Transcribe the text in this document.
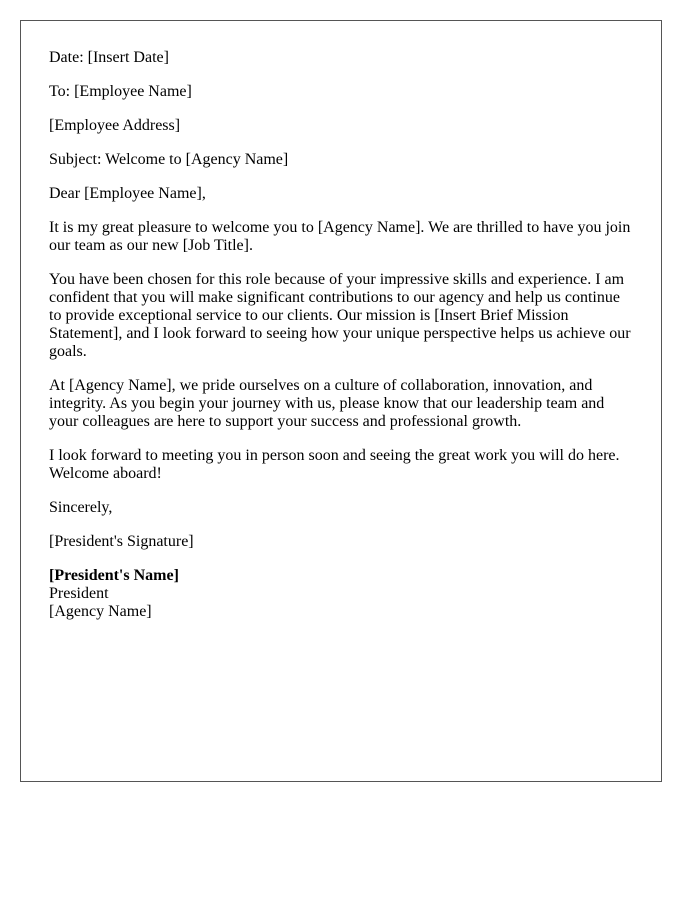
Date: [Insert Date]

To: [Employee Name]

[Employee Address]

Subject: Welcome to [Agency Name]

Dear [Employee Name],

It is my great pleasure to welcome you to [Agency Name]. We are thrilled to have you join our team as our new [Job Title].

You have been chosen for this role because of your impressive skills and experience. I am confident that you will make significant contributions to our agency and help us continue to provide exceptional service to our clients. Our mission is [Insert Brief Mission Statement], and I look forward to seeing how your unique perspective helps us achieve our goals.

At [Agency Name], we pride ourselves on a culture of collaboration, innovation, and integrity. As you begin your journey with us, please know that our leadership team and your colleagues are here to support your success and professional growth.

I look forward to meeting you in person soon and seeing the great work you will do here. Welcome aboard!

Sincerely,

[President's Signature]

[President's Name]

President

[Agency Name]
